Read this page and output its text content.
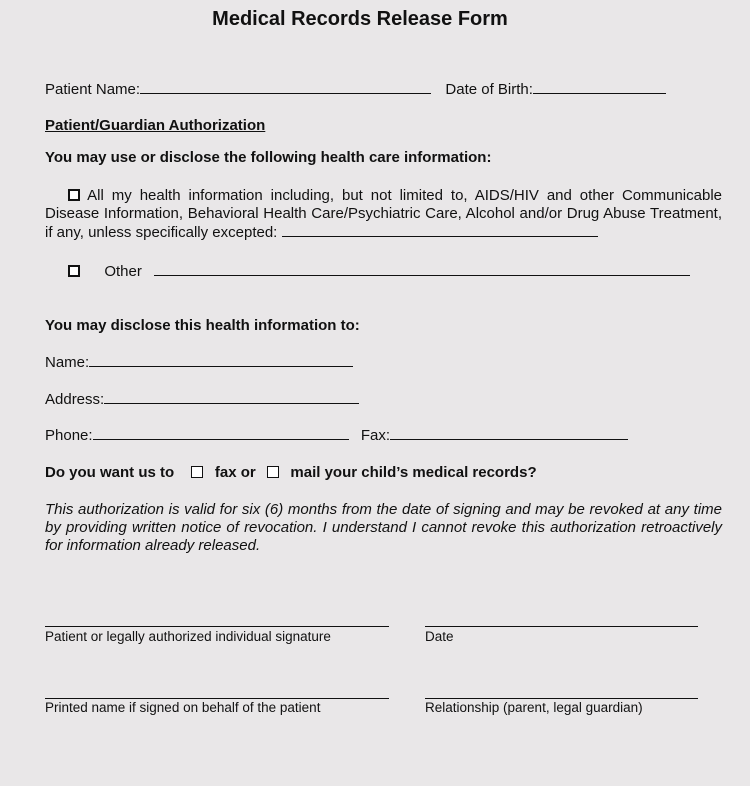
Medical Records Release Form
Patient Name:	Date of Birth:
Patient/Guardian Authorization
You may use or disclose the following health care information:
All my health information including, but not limited to, AIDS/HIV and other Communicable Disease Information, Behavioral Health Care/Psychiatric Care, Alcohol and/or Drug Abuse Treatment, if any, unless specifically excepted:
Other
You may disclose this health information to:
Name:
Address:
Phone:	Fax:
Do you want us to	fax or mail your child’s medical records?
This authorization is valid for six (6) months from the date of signing and may be revoked at any time by providing written notice of revocation. I understand I cannot revoke this authorization retroactively for information already released.
Patient or legally authorized individual signature	Date
Printed name if signed on behalf of the patient	Relationship (parent, legal guardian)
